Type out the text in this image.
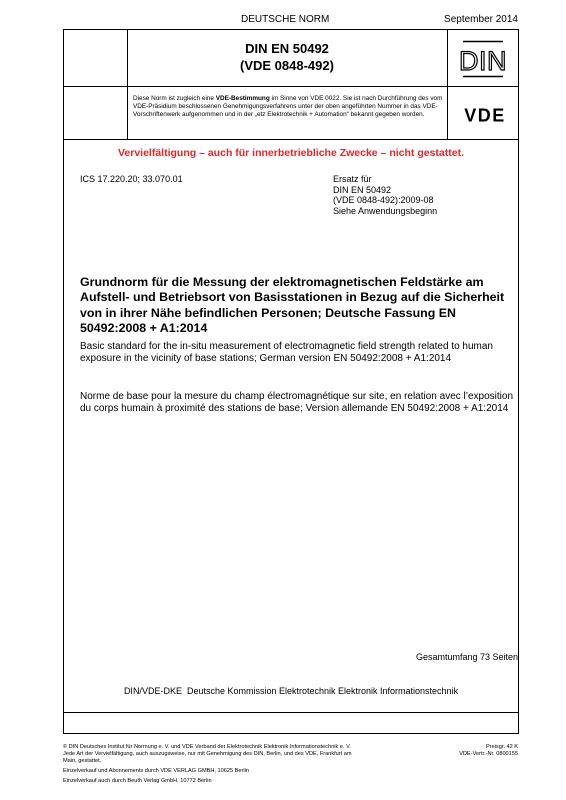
DEUTSCHE NORM	September 2014
DIN EN 50492
(VDE 0848-492)	DIN
VDE
Diese Norm ist zugleich eine VDE-Bestimmung im Sinne von VDE 0022. Sie ist nach Durchführung des vom VDE-Präsidium beschlossenen Genehmigungsverfahrens unter der oben angeführten Nummer in das VDE-Vorschriftenwerk aufgenommen und in der „etz Elektrotechnik + Automation“ bekannt gegeben worden.
Vervielfältigung – auch für innerbetriebliche Zwecke – nicht gestattet.
ICS 17.220.20; 33.070.01	Ersatz für
DIN EN 50492
(VDE 0848-492):2009-08
Siehe Anwendungsbeginn
Grundnorm für die Messung der elektromagnetischen Feldstärke am Aufstell- und Betriebsort von Basisstationen in Bezug auf die Sicherheit von in ihrer Nähe befindlichen Personen; Deutsche Fassung EN 50492:2008 + A1:2014
Basic standard for the in-situ measurement of electromagnetic field strength related to human exposure in the vicinity of base stations; German version EN 50492:2008 + A1:2014
Norme de base pour la mesure du champ électromagnétique sur site, en relation avec l’exposition du corps humain à proximité des stations de base; Version allemande EN 50492:2008 + A1:2014
Gesamtumfang 73 Seiten
DIN/VDE-DKE  Deutsche Kommission Elektrotechnik Elektronik Informationstechnik
© DIN Deutsches Institut für Normung e. V. und VDE Verband der Elektrotechnik Elektronik Informationstechnik e. V. Jede Art der Vervielfältigung, auch auszugsweise, nur mit Genehmigung des DIN, Berlin, und des VDE, Frankfurt am Main, gestattet.
Preisgr. 42 K
VDE-Vertr.-Nr. 0800155
Einzelverkauf und Abonnements durch VDE VERLAG GMBH, 10625 Berlin
Einzelverkauf auch durch Beuth Verlag GmbH, 10772 Berlin
